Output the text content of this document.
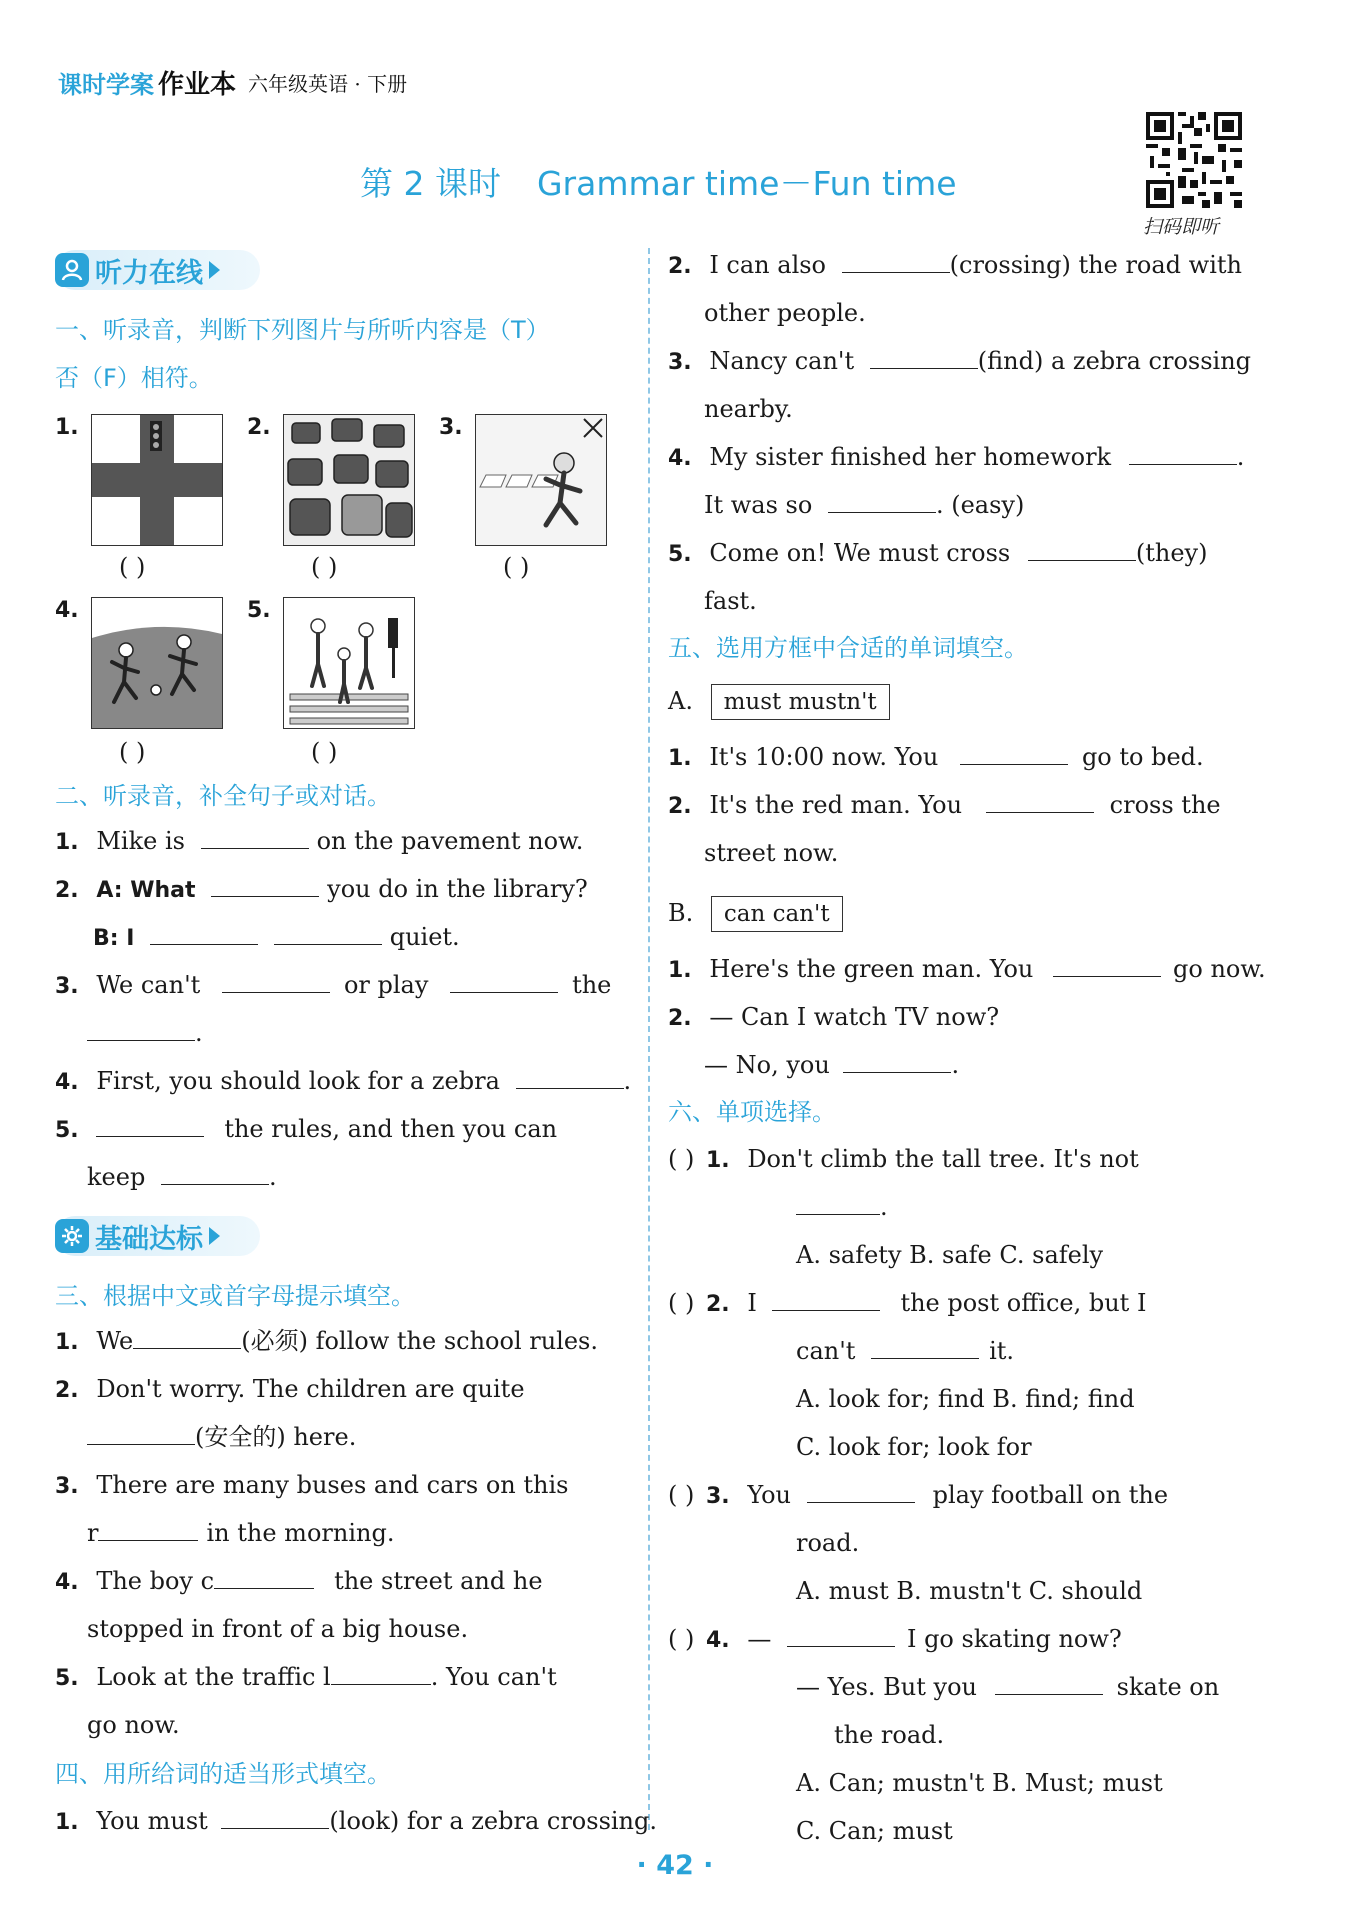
课时学案 作业本 六年级英语 · 下册
第 2 课时 Grammar time－Fun time
扫码即听
听力在线
一、听录音，判断下列图片与所听内容是（T）
否（F）相符。
1.
( )
2.
( )
3.
( )
4.
( )
5.
( )
二、听录音，补全句子或对话。
1. Mike is	on the pavement now.
2. A: What	you do in the library?
B: I	quiet.
3. We can't	or play	the
.
4. First, you should look for a zebra	.
5.	the rules, and then you can
keep	.
基础达标
三、根据中文或首字母提示填空。
1. We	(必须) follow the school rules.
2. Don't worry. The children are quite
(安全的) here.
3. There are many buses and cars on this
r	in the morning.
4. The boy c	the street and he
stopped in front of a big house.
5. Look at the traffic l	. You can't
go now.
四、用所给词的适当形式填空。
1. You must	(look) for a zebra crossing.
2. I can also	(crossing) the road with
other people.
3. Nancy can't	(find) a zebra crossing
nearby.
4. My sister finished her homework	.
It was so	. (easy)
5. Come on! We must cross	(they)
fast.
五、选用方框中合适的单词填空。
A. must mustn't
1. It's 10:00 now. You	go to bed.
2. It's the red man. You	cross the
street now.
B. can can't
1. Here's the green man. You	go now.
2. — Can I watch TV now?
— No, you	.
六、单项选择。
( ) 1. Don't climb the tall tree. It's not
.
A. safety B. safe C. safely
( ) 2. I	the post office, but I
can't	it.
A. look for; find B. find; find
C. look for; look for
( ) 3. You	play football on the
road.
A. must B. mustn't C. should
( ) 4. —	I go skating now?
— Yes. But you	skate on
the road.
A. Can; mustn't B. Must; must
C. Can; must
· 42 ·
